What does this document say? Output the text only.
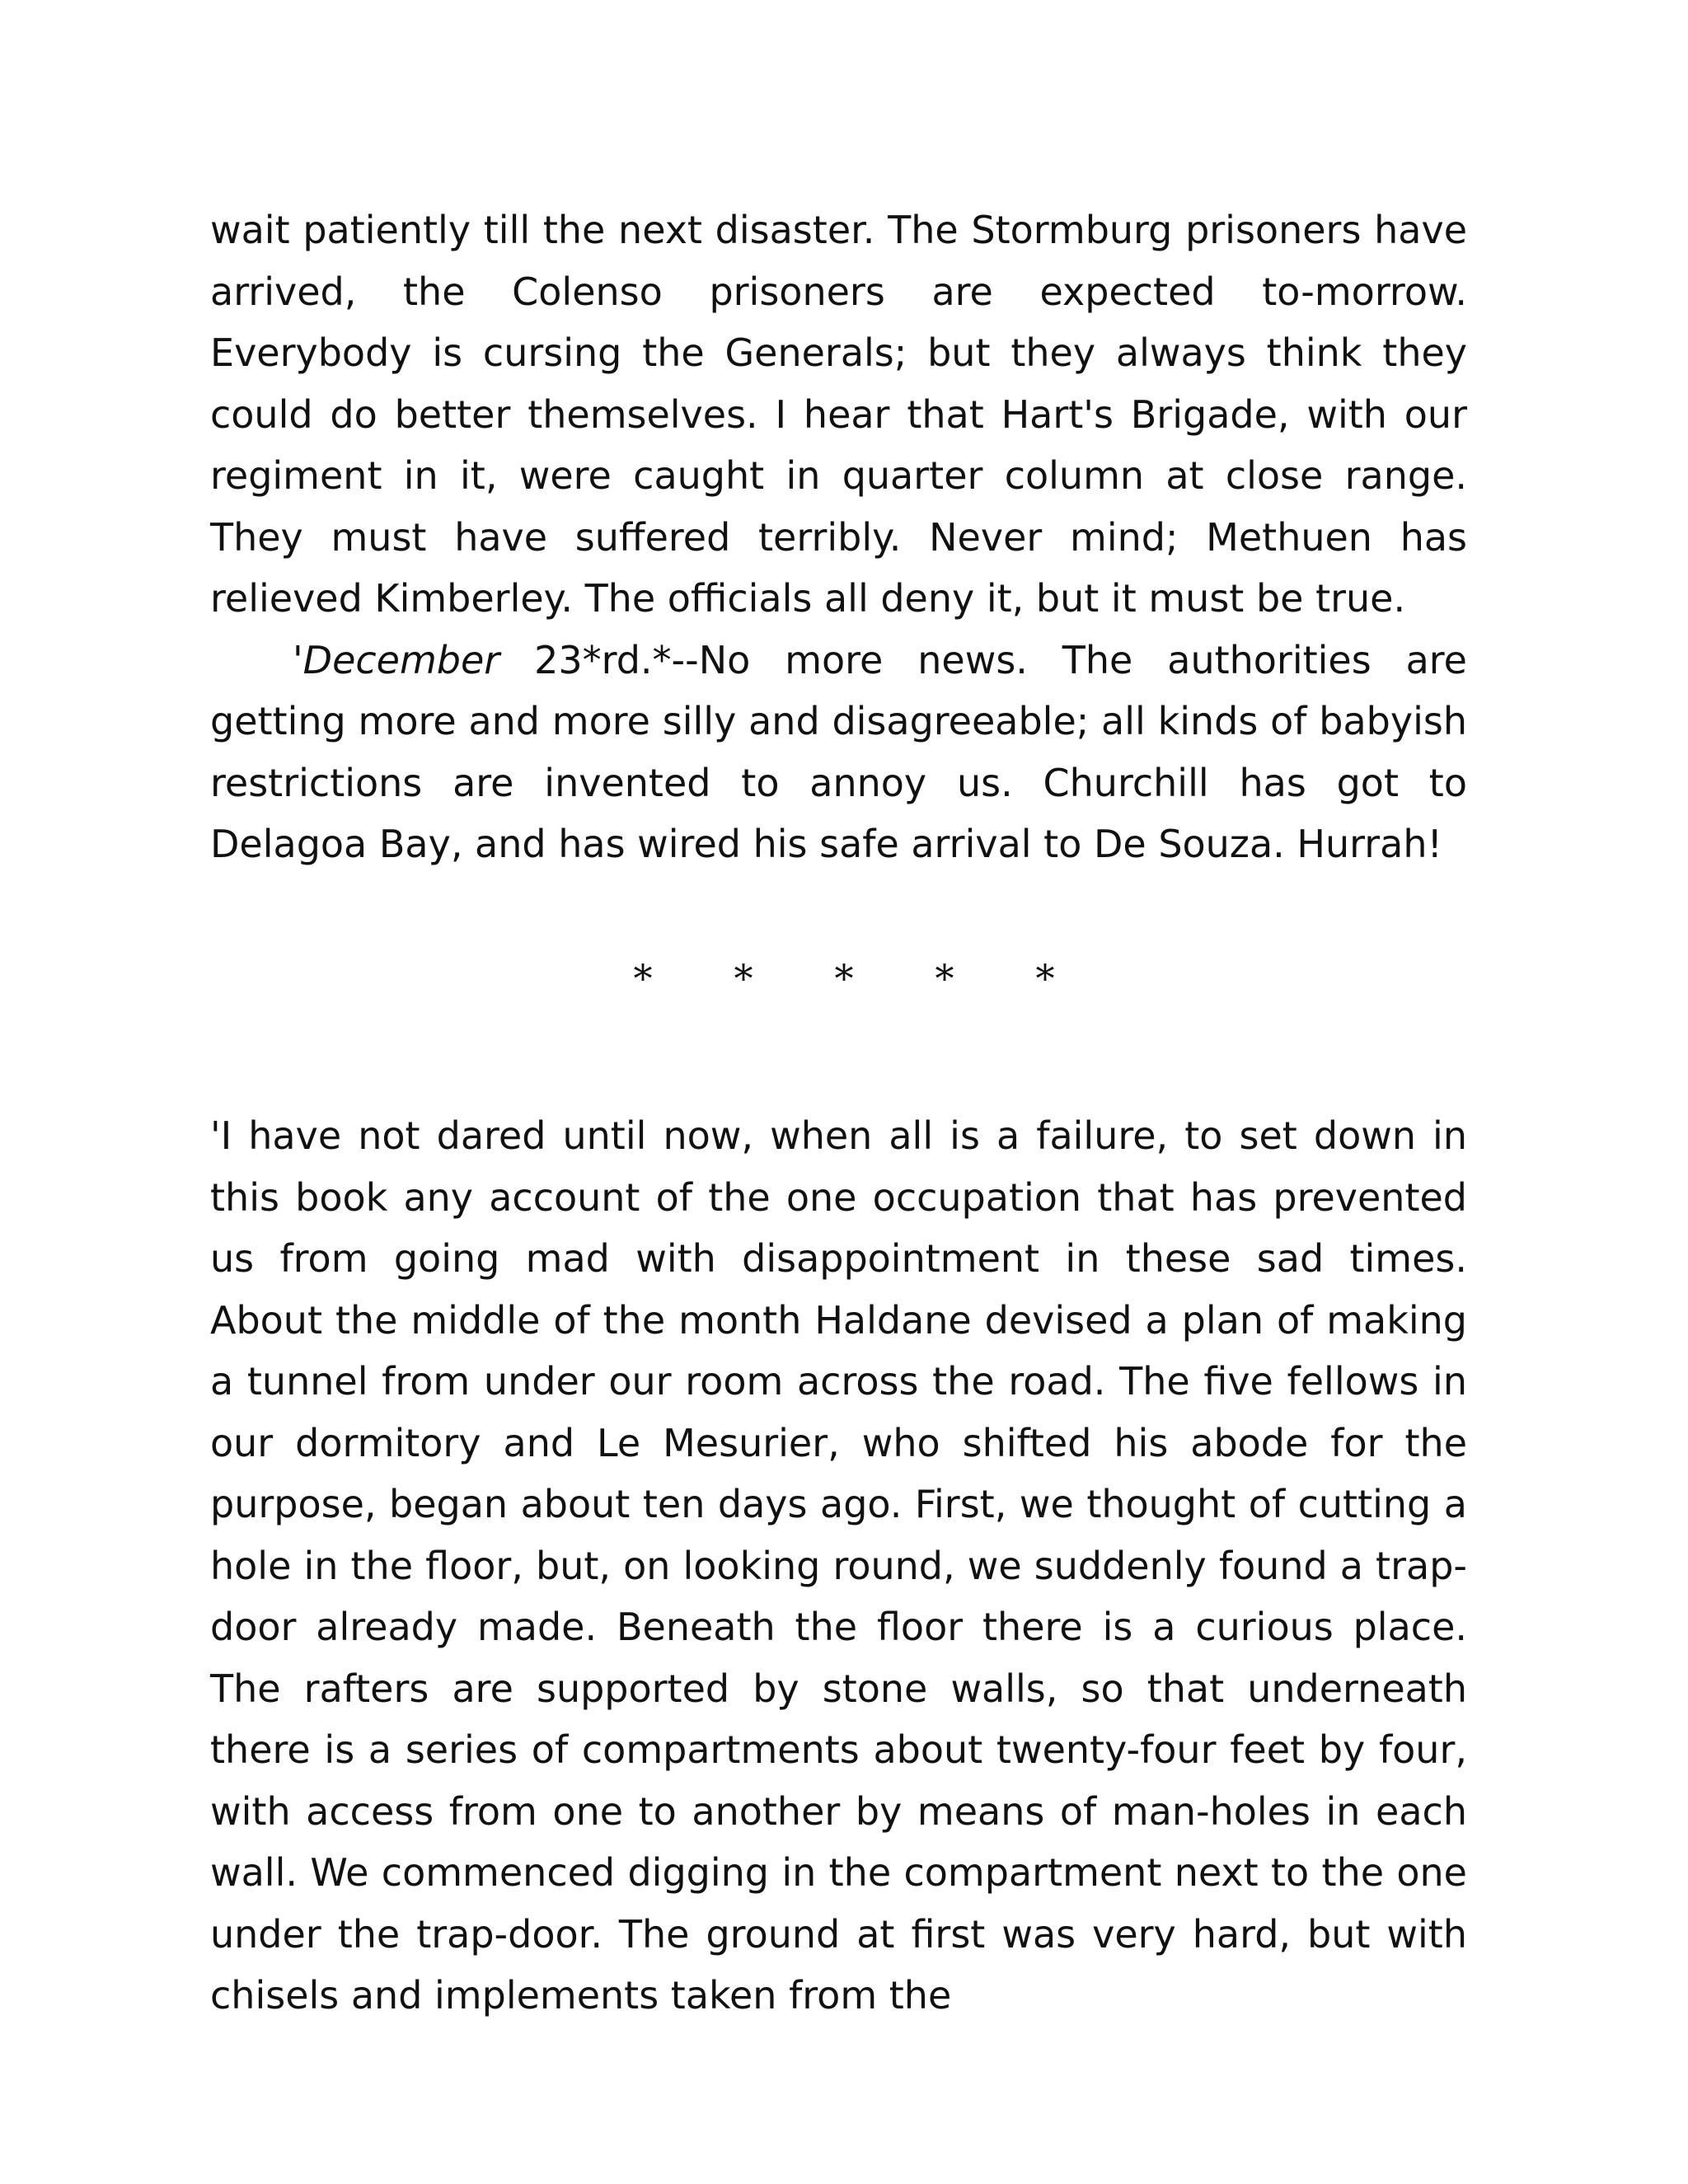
wait patiently till the next disaster. The Stormburg prisoners have arrived, the Colenso prisoners are expected to-morrow. Everybody is cursing the Generals; but they always think they could do better themselves. I hear that Hart's Brigade, with our regiment in it, were caught in quarter column at close range. They must have suffered terribly. Never mind; Methuen has relieved Kimberley. The officials all deny it, but it must be true.

'December 23*rd.*--No more news. The authorities are getting more and more silly and disagreeable; all kinds of babyish restrictions are invented to annoy us. Churchill has got to Delagoa Bay, and has wired his safe arrival to De Souza. Hurrah!

*	*	*	*	*

'I have not dared until now, when all is a failure, to set down in this book any account of the one occupation that has prevented us from going mad with disappointment in these sad times. About the middle of the month Haldane devised a plan of making a tunnel from under our room across the road. The five fellows in our dormitory and Le Mesurier, who shifted his abode for the purpose, began about ten days ago. First, we thought of cutting a hole in the floor, but, on looking round, we suddenly found a trap-door already made. Beneath the floor there is a curious place. The rafters are supported by stone walls, so that underneath there is a series of compartments about twenty-four feet by four, with access from one to another by means of man-holes in each wall. We commenced digging in the compartment next to the one under the trap-door. The ground at first was very hard, but with chisels and implements taken from the
